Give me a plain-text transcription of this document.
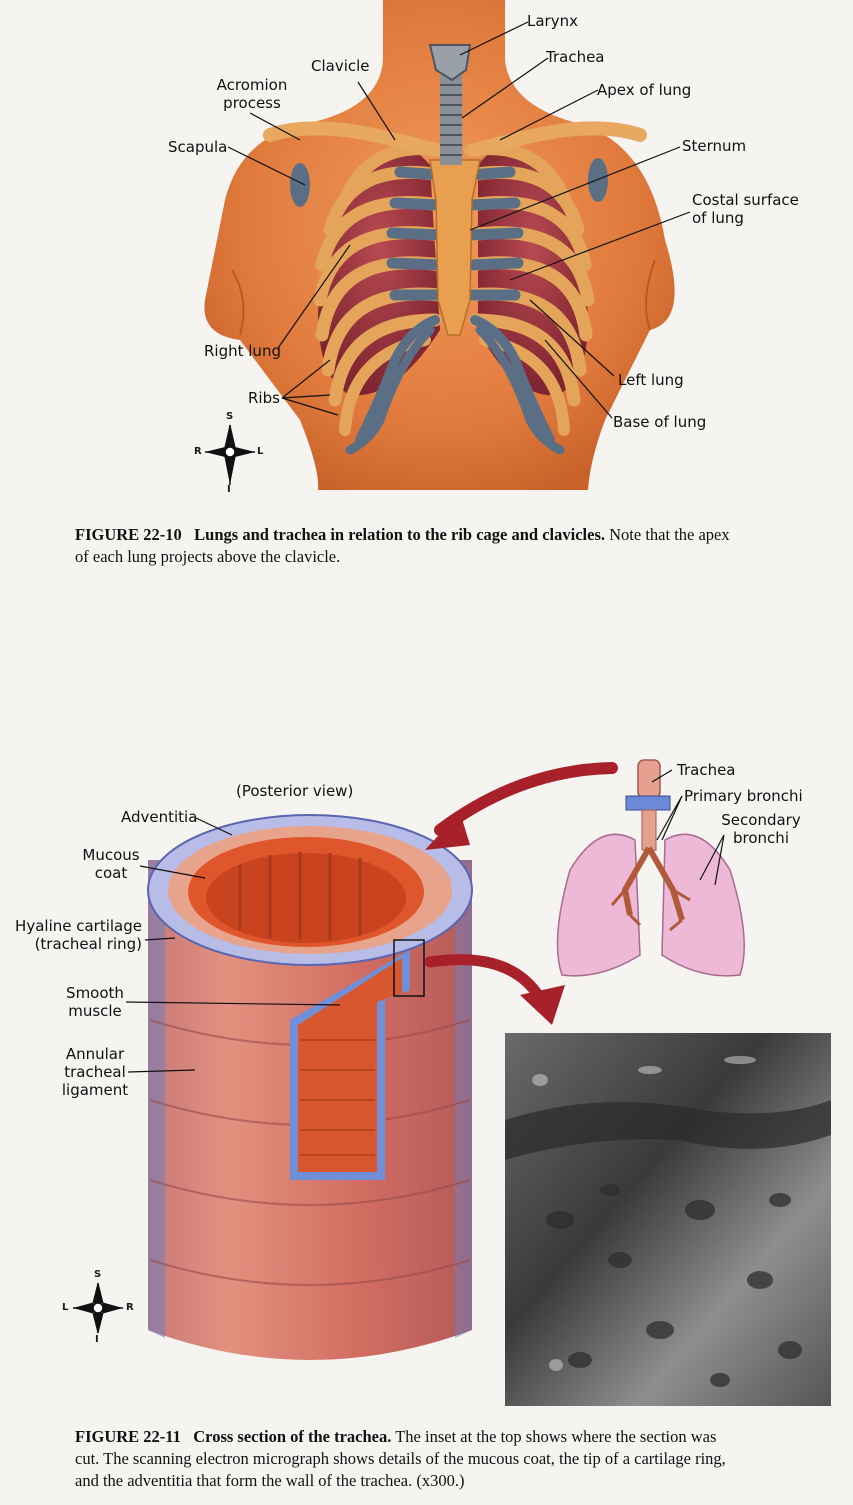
Larynx
Trachea
Clavicle
Acromion
process
Apex of lung
Scapula	Sternum
Costal surface
of lung
Right lung
Ribs
Left lung
Base of lung
S
I
R	L
FIGURE 22-10 Lungs and trachea in relation to the rib cage and clavicles. Note that the apex
of each lung projects above the clavicle.
(Posterior view)
Adventitia
Mucous
coat
Hyaline cartilage
(tracheal ring)
Smooth
muscle
Annular
tracheal
ligament
Trachea
Primary bronchi
Secondary
bronchi
S
I
L	R
FIGURE 22-11 Cross section of the trachea. The inset at the top shows where the section was
cut. The scanning electron micrograph shows details of the mucous coat, the tip of a cartilage ring,
and the adventitia that form the wall of the trachea. (x300.)
